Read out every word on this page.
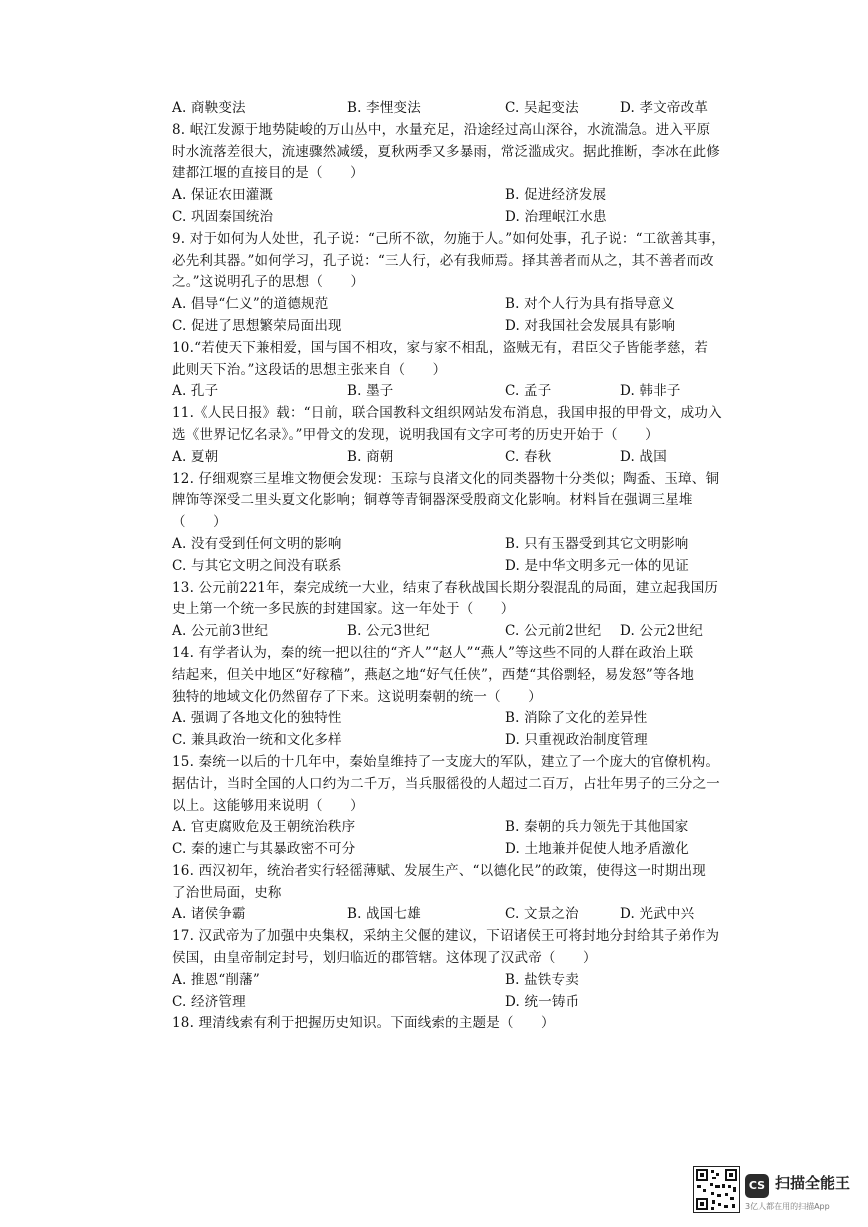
A. 商鞅变法	B. 李悝变法	C. 吴起变法	D. 孝文帝改革
8. 岷江发源于地势陡峻的万山丛中，水量充足，沿途经过高山深谷，水流湍急。进入平原
时水流落差很大，流速骤然减缓，夏秋两季又多暴雨，常泛滥成灾。据此推断，李冰在此修
建都江堰的直接目的是（　　）
A. 保证农田灌溉	B. 促进经济发展
C. 巩固秦国统治	D. 治理岷江水患
9. 对于如何为人处世，孔子说：“己所不欲，勿施于人。”如何处事，孔子说：“工欲善其事，
必先利其器。”如何学习，孔子说：“三人行，必有我师焉。择其善者而从之，其不善者而改
之。”这说明孔子的思想（　　）
A. 倡导“仁义”的道德规范	B. 对个人行为具有指导意义
C. 促进了思想繁荣局面出现	D. 对我国社会发展具有影响
10.“若使天下兼相爱，国与国不相攻，家与家不相乱，盗贼无有，君臣父子皆能孝慈，若
此则天下治。”这段话的思想主张来自（　　）
A. 孔子	B. 墨子	C. 孟子	D. 韩非子
11.《人民日报》载：“日前，联合国教科文组织网站发布消息，我国申报的甲骨文，成功入
选《世界记忆名录》。”甲骨文的发现，说明我国有文字可考的历史开始于（　　）
A. 夏朝	B. 商朝	C. 春秋	D. 战国
12. 仔细观察三星堆文物便会发现：玉琮与良渚文化的同类器物十分类似；陶盉、玉璋、铜
牌饰等深受二里头夏文化影响；铜尊等青铜器深受殷商文化影响。材料旨在强调三星堆
（　　）
A. 没有受到任何文明的影响	B. 只有玉器受到其它文明影响
C. 与其它文明之间没有联系	D. 是中华文明多元一体的见证
13. 公元前221年，秦完成统一大业，结束了春秋战国长期分裂混乱的局面，建立起我国历
史上第一个统一多民族的封建国家。这一年处于（　　）
A. 公元前3世纪	B. 公元3世纪	C. 公元前2世纪	D. 公元2世纪
14. 有学者认为，秦的统一把以往的“齐人”“赵人”“燕人”等这些不同的人群在政治上联
结起来，但关中地区“好稼穑”，燕赵之地“好气任侠”，西楚“其俗剽轻，易发怒”等各地
独特的地域文化仍然留存了下来。这说明秦朝的统一（　　）
A. 强调了各地文化的独特性	B. 消除了文化的差异性
C. 兼具政治一统和文化多样	D. 只重视政治制度管理
15. 秦统一以后的十几年中，秦始皇维持了一支庞大的军队，建立了一个庞大的官僚机构。
据估计，当时全国的人口约为二千万，当兵服徭役的人超过二百万，占壮年男子的三分之一
以上。这能够用来说明（　　）
A. 官吏腐败危及王朝统治秩序	B. 秦朝的兵力领先于其他国家
C. 秦的速亡与其暴政密不可分	D. 土地兼并促使人地矛盾激化
16. 西汉初年，统治者实行轻徭薄赋、发展生产、“以德化民”的政策，使得这一时期出现
了治世局面，史称
A. 诸侯争霸	B. 战国七雄	C. 文景之治	D. 光武中兴
17. 汉武帝为了加强中央集权，采纳主父偃的建议，下诏诸侯王可将封地分封给其子弟作为
侯国，由皇帝制定封号，划归临近的郡管辖。这体现了汉武帝（　　）
A. 推恩“削藩”	B. 盐铁专卖
C. 经济管理	D. 统一铸币
18. 理清线索有利于把握历史知识。下面线索的主题是（　　）
CS 扫描全能王
3亿人都在用的扫描App
